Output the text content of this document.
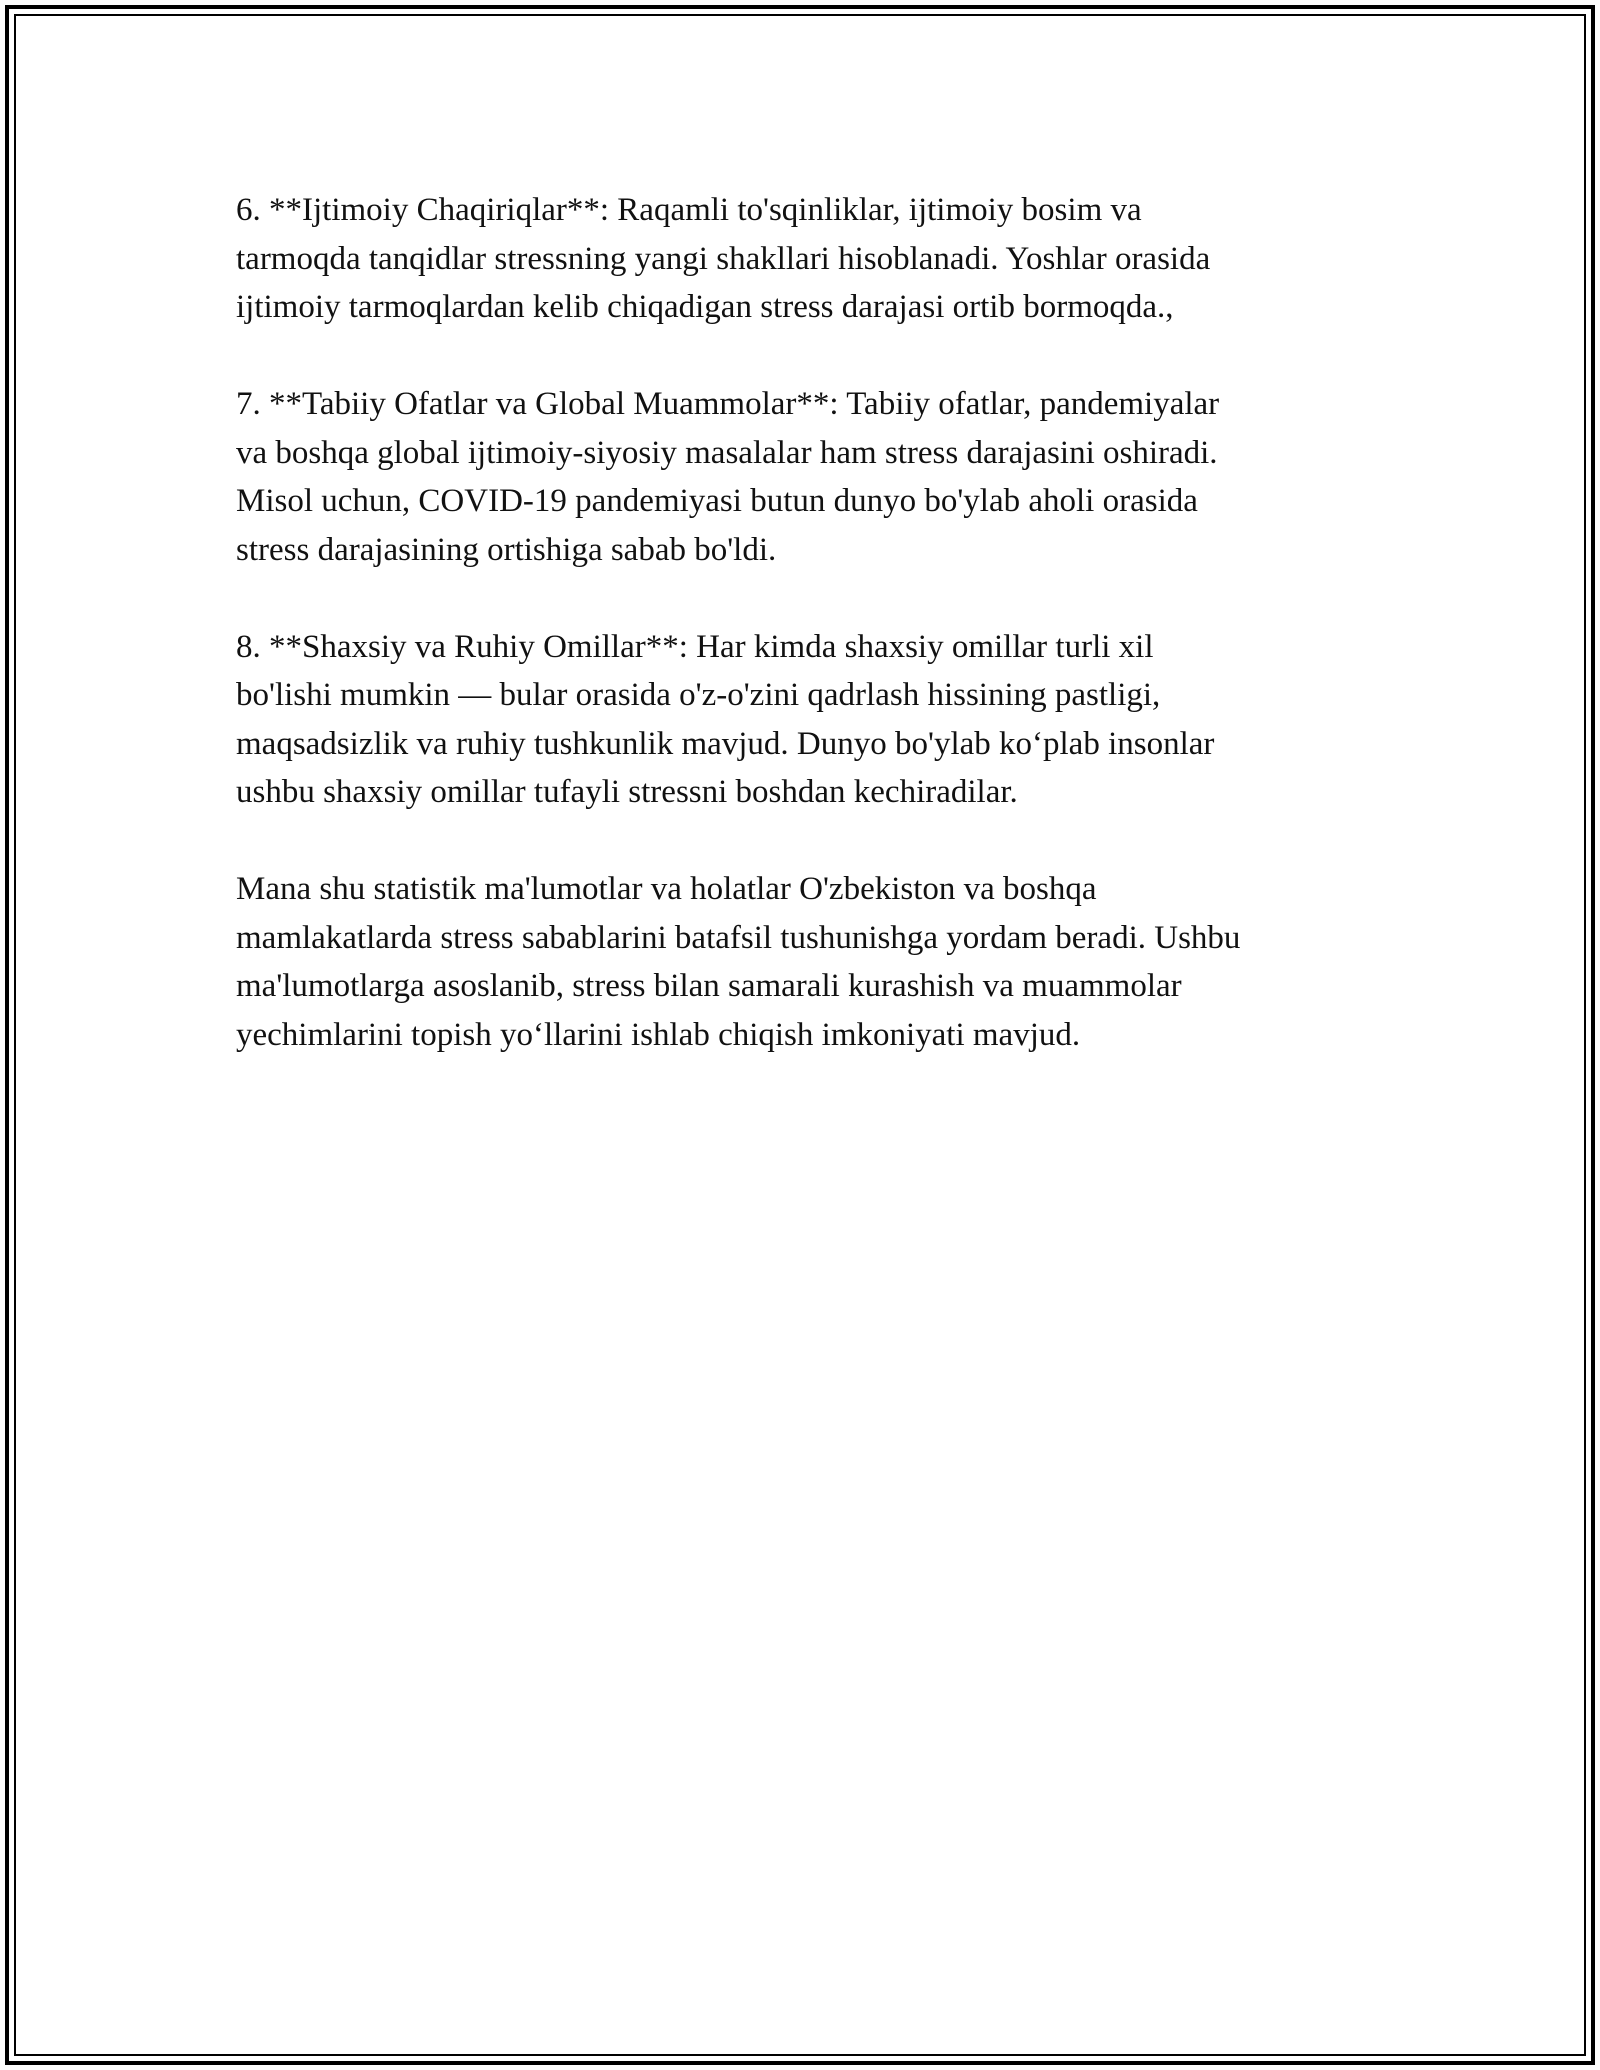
6. **Ijtimoiy Chaqiriqlar**: Raqamli to'sqinliklar, ijtimoiy bosim va
tarmoqda tanqidlar stressning yangi shakllari hisoblanadi. Yoshlar orasida
ijtimoiy tarmoqlardan kelib chiqadigan stress darajasi ortib bormoqda.,

7. **Tabiiy Ofatlar va Global Muammolar**: Tabiiy ofatlar, pandemiyalar
va boshqa global ijtimoiy-siyosiy masalalar ham stress darajasini oshiradi.
Misol uchun, COVID-19 pandemiyasi butun dunyo bo'ylab aholi orasida
stress darajasining ortishiga sabab bo'ldi.

8. **Shaxsiy va Ruhiy Omillar**: Har kimda shaxsiy omillar turli xil
bo'lishi mumkin — bular orasida o'z-o'zini qadrlash hissining pastligi,
maqsadsizlik va ruhiy tushkunlik mavjud. Dunyo bo'ylab ko‘plab insonlar
ushbu shaxsiy omillar tufayli stressni boshdan kechiradilar.

Mana shu statistik ma'lumotlar va holatlar O'zbekiston va boshqa
mamlakatlarda stress sabablarini batafsil tushunishga yordam beradi. Ushbu
ma'lumotlarga asoslanib, stress bilan samarali kurashish va muammolar
yechimlarini topish yo‘llarini ishlab chiqish imkoniyati mavjud.
